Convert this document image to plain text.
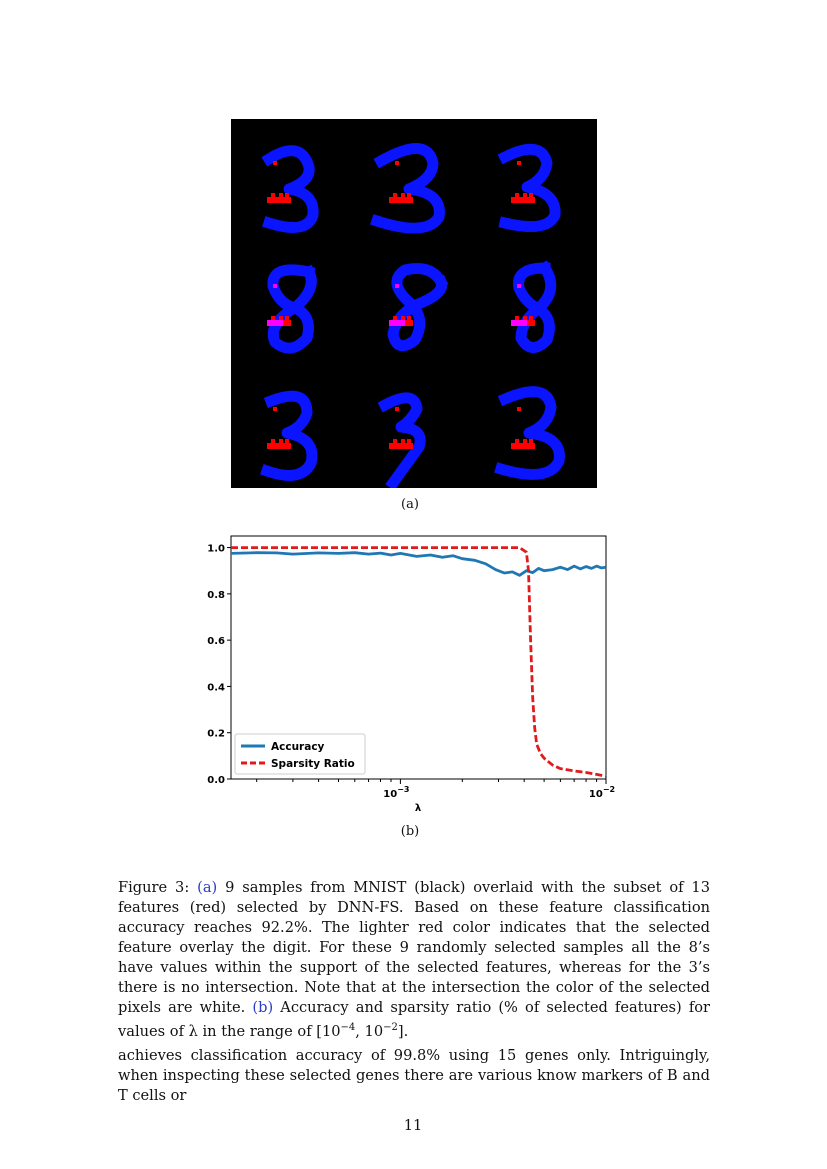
(a)
0.0
0.2
0.4
0.6
0.8
1.0
$10^{-3}$	$10^{-2}$
λ
Accuracy
Sparsity Ratio
(b)
Figure 3: (a) 9 samples from MNIST (black) overlaid with the subset of 13 features (red) selected by DNN-FS. Based on these feature classification accuracy reaches 92.2%. The lighter red color indicates that the selected feature overlay the digit. For these 9 randomly selected samples all the 8’s have values within the support of the selected features, whereas for the 3’s there is no intersection. Note that at the intersection the color of the selected pixels are white. (b) Accuracy and sparsity ratio (% of selected features) for values of λ in the range of [$10^{-4}$, $10^{-2}$].
achieves classification accuracy of 99.8% using 15 genes only. Intriguingly, when inspecting these selected genes there are various know markers of B and T cells or
11
